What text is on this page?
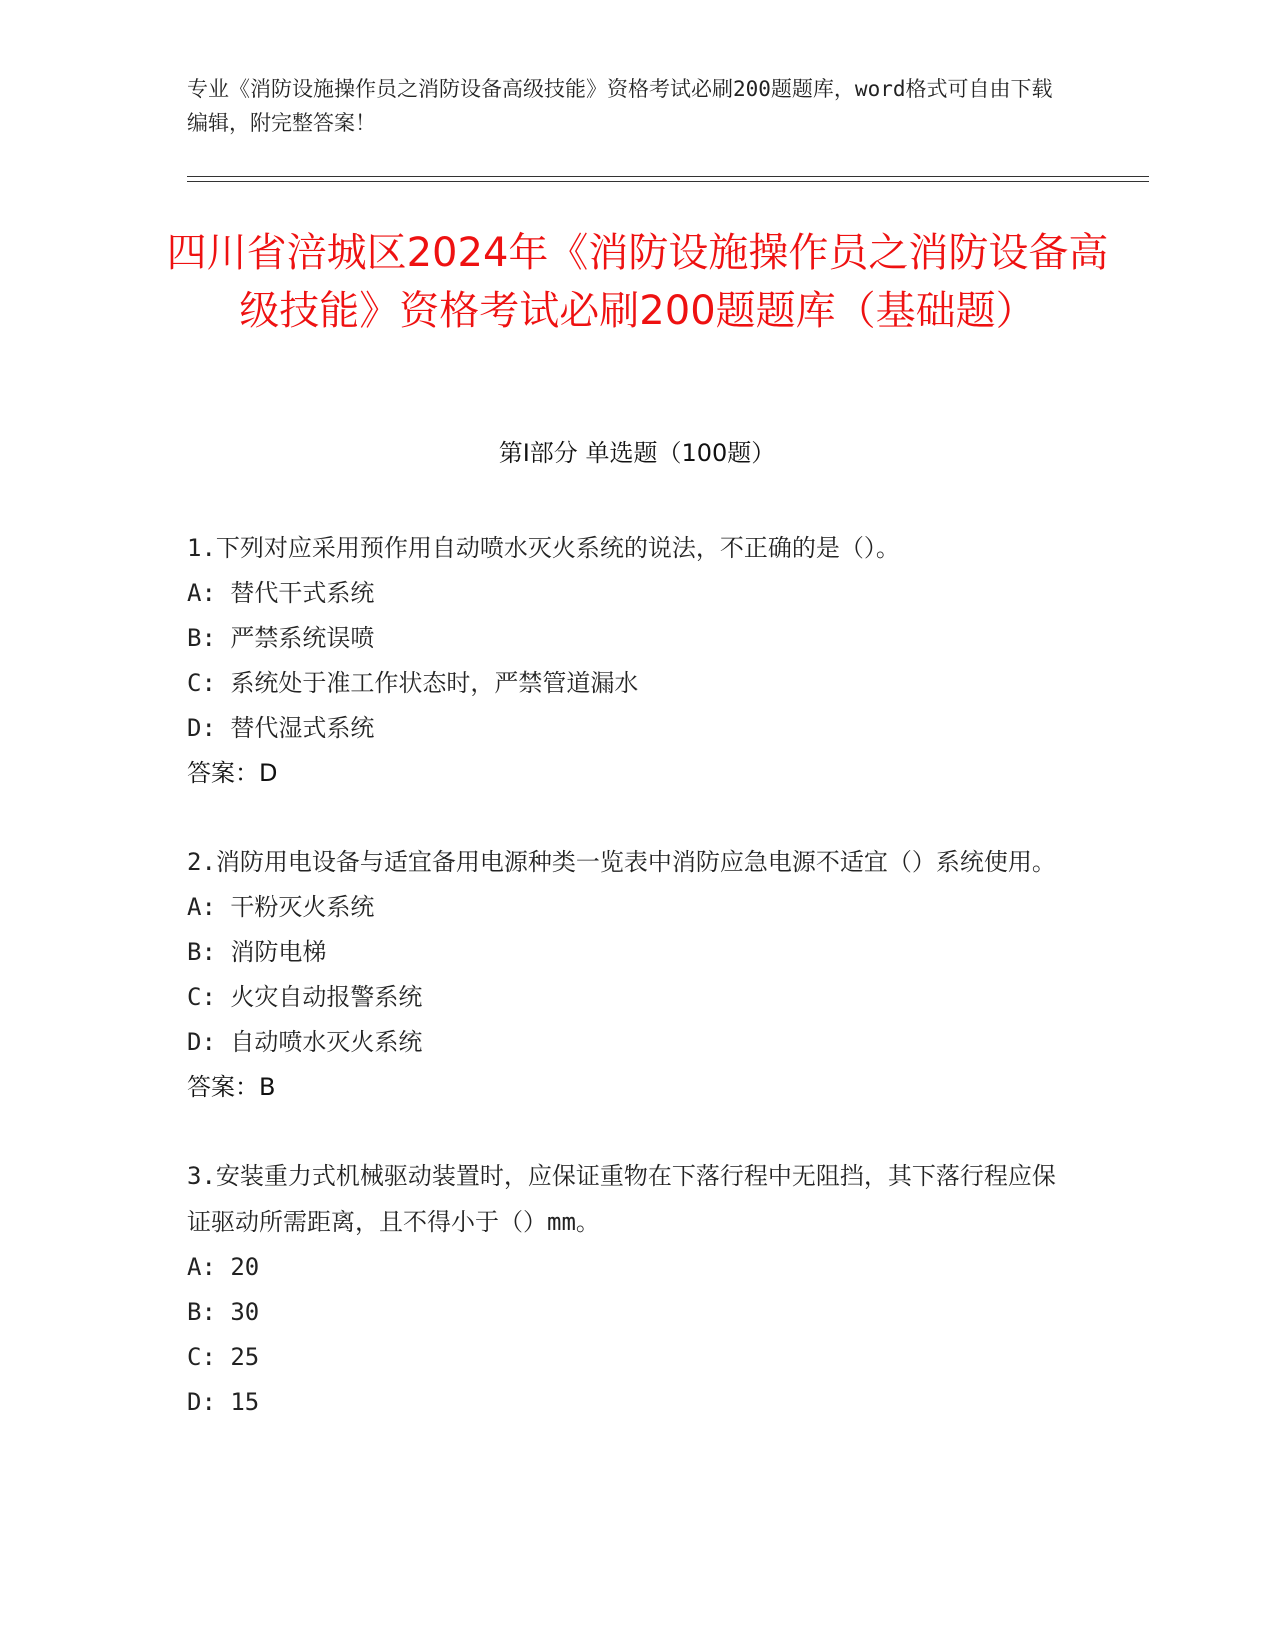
专业《消防设施操作员之消防设备高级技能》资格考试必刷200题题库，word格式可自由下载编辑，附完整答案！
四川省涪城区2024年《消防设施操作员之消防设备高级技能》资格考试必刷200题题库（基础题）
第Ⅰ部分 单选题（100题）

1.下列对应采用预作用自动喷水灭火系统的说法，不正确的是（）。

A: 替代干式系统

B: 严禁系统误喷

C: 系统处于准工作状态时，严禁管道漏水

D: 替代湿式系统

答案：D

2.消防用电设备与适宜备用电源种类一览表中消防应急电源不适宜（）系统使用。

A: 干粉灭火系统

B: 消防电梯

C: 火灾自动报警系统

D: 自动喷水灭火系统

答案：B

3.安装重力式机械驱动装置时，应保证重物在下落行程中无阻挡，其下落行程应保证驱动所需距离，且不得小于（）mm。

A: 20

B: 30

C: 25

D: 15
